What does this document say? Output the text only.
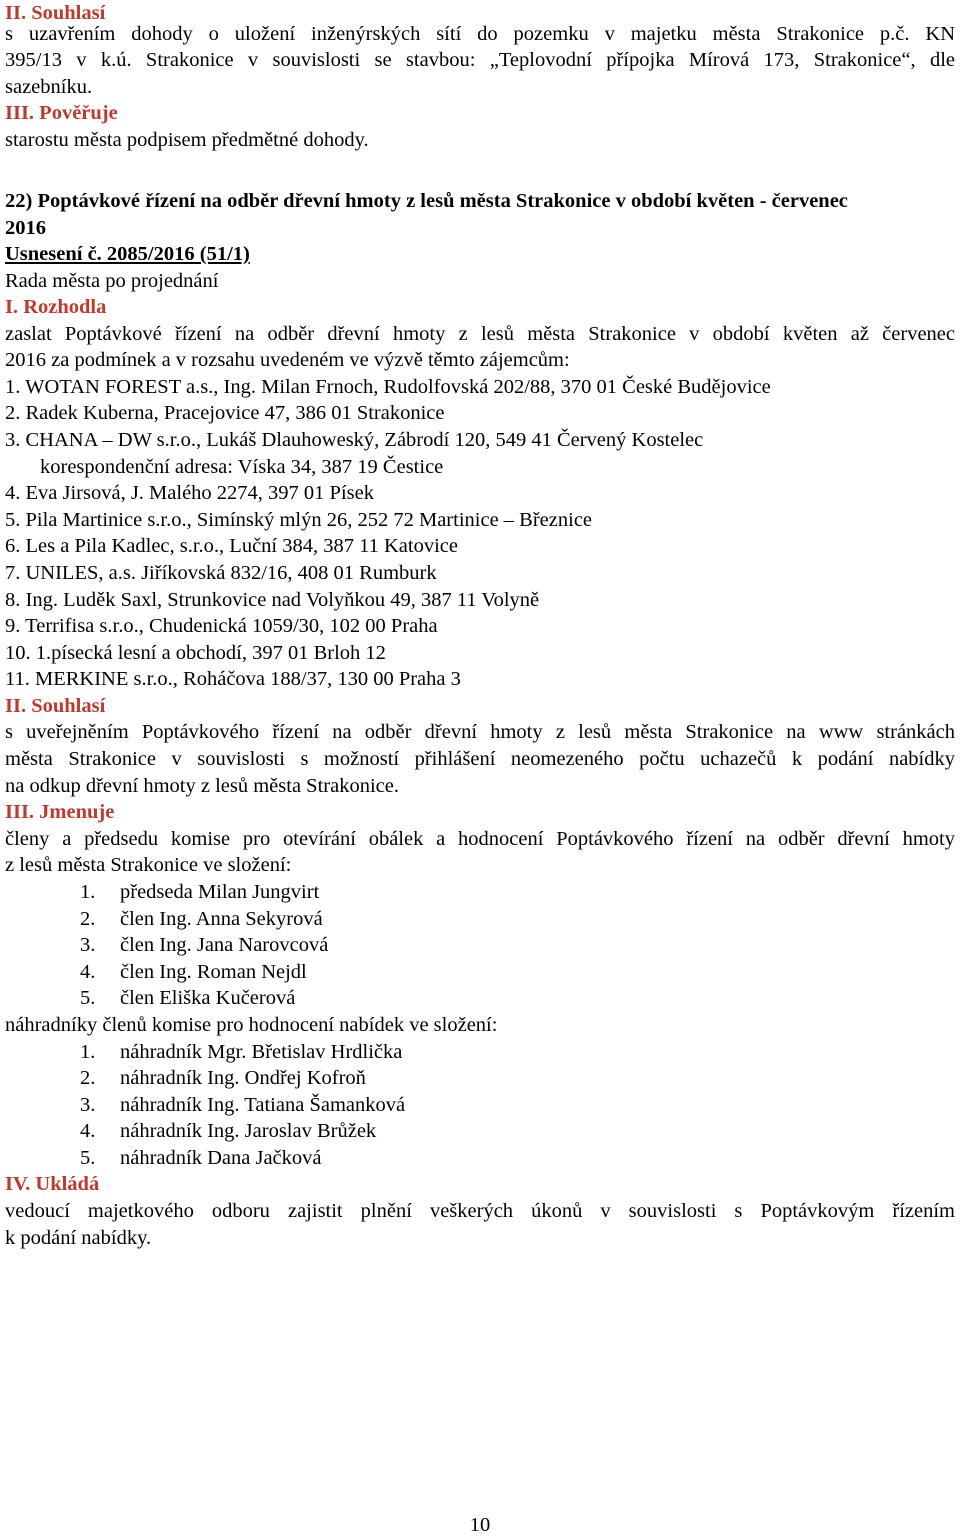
II. Souhlasí
s uzavřením dohody o uložení inženýrských sítí do pozemku v majetku města Strakonice p.č. KN
395/13 v k.ú. Strakonice v souvislosti se stavbou: „Teplovodní přípojka Mírová 173, Strakonice“, dle
sazebníku.
III. Pověřuje
starostu města podpisem předmětné dohody.
22) Poptávkové řízení na odběr dřevní hmoty z lesů města Strakonice v období květen - červenec
2016
Usnesení č. 2085/2016 (51/1)
Rada města po projednání
I. Rozhodla
zaslat Poptávkové řízení na odběr dřevní hmoty z lesů města Strakonice v období květen až červenec
2016 za podmínek a v rozsahu uvedeném ve výzvě těmto zájemcům:
1. WOTAN FOREST a.s., Ing. Milan Frnoch, Rudolfovská 202/88, 370 01 České Budějovice
2. Radek Kuberna, Pracejovice 47, 386 01 Strakonice
3. CHANA – DW s.r.o., Lukáš Dlauhoweský, Zábrodí 120, 549 41 Červený Kostelec
korespondenční adresa: Víska 34, 387 19 Čestice
4. Eva Jirsová, J. Malého 2274, 397 01 Písek
5. Pila Martinice s.r.o., Simínský mlýn 26, 252 72 Martinice – Březnice
6. Les a Pila Kadlec, s.r.o., Luční 384, 387 11 Katovice
7. UNILES, a.s. Jiříkovská 832/16, 408 01 Rumburk
8. Ing. Luděk Saxl, Strunkovice nad Volyňkou 49, 387 11 Volyně
9. Terrifisa s.r.o., Chudenická 1059/30, 102 00 Praha
10. 1.písecká lesní a obchodí, 397 01 Brloh 12
11. MERKINE s.r.o., Roháčova 188/37, 130 00 Praha 3
II. Souhlasí
s uveřejněním Poptávkového řízení na odběr dřevní hmoty z lesů města Strakonice na www stránkách
města Strakonice v souvislosti s možností přihlášení neomezeného počtu uchazečů k podání nabídky
na odkup dřevní hmoty z lesů města Strakonice.
III. Jmenuje
členy a předsedu komise pro otevírání obálek a hodnocení Poptávkového řízení na odběr dřevní hmoty
z lesů města Strakonice ve složení:
1. předseda Milan Jungvirt
2. člen Ing. Anna Sekyrová
3. člen Ing. Jana Narovcová
4. člen Ing. Roman Nejdl
5. člen Eliška Kučerová
náhradníky členů komise pro hodnocení nabídek ve složení:
1. náhradník Mgr. Břetislav Hrdlička
2. náhradník Ing. Ondřej Kofroň
3. náhradník Ing. Tatiana Šamanková
4. náhradník Ing. Jaroslav Brůžek
5. náhradník Dana Jačková
IV. Ukládá
vedoucí majetkového odboru zajistit plnění veškerých úkonů v souvislosti s Poptávkovým řízením
k podání nabídky.
10
